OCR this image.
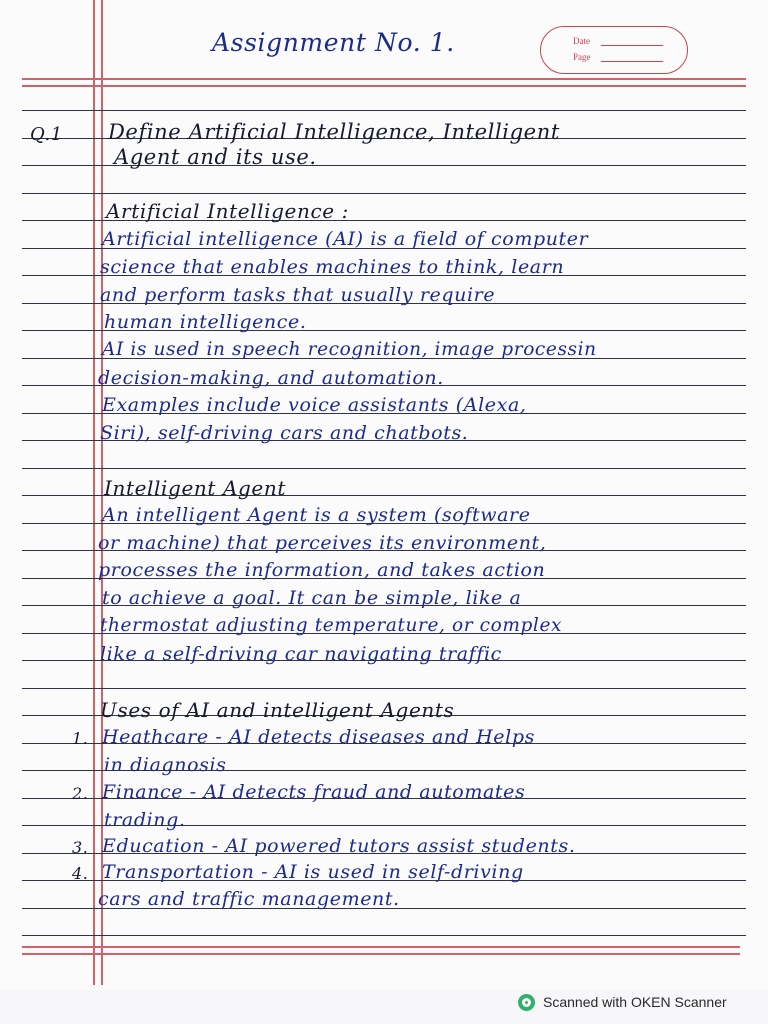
Assignment No. 1.	Date
Page
Q.1 Define Artificial Intelligence, Intelligent
Agent and its use.
Artificial Intelligence :
Artificial intelligence (AI) is a field of computer
science that enables machines to think, learn
and perform tasks that usually require
human intelligence.
AI is used in speech recognition, image processin
decision-making, and automation.
Examples include voice assistants (Alexa,
Siri), self-driving cars and chatbots.
Intelligent Agent
An intelligent Agent is a system (software
or machine) that perceives its environment,
processes the information, and takes action
to achieve a goal. It can be simple, like a
thermostat adjusting temperature, or complex
like a self-driving car navigating traffic
Uses of AI and intelligent Agents
1. Heathcare - AI detects diseases and Helps
in diagnosis
2. Finance - AI detects fraud and automates
trading.
3. Education - AI powered tutors assist students.
4. Transportation - AI is used in self-driving
cars and traffic management.
Scanned with OKEN Scanner
